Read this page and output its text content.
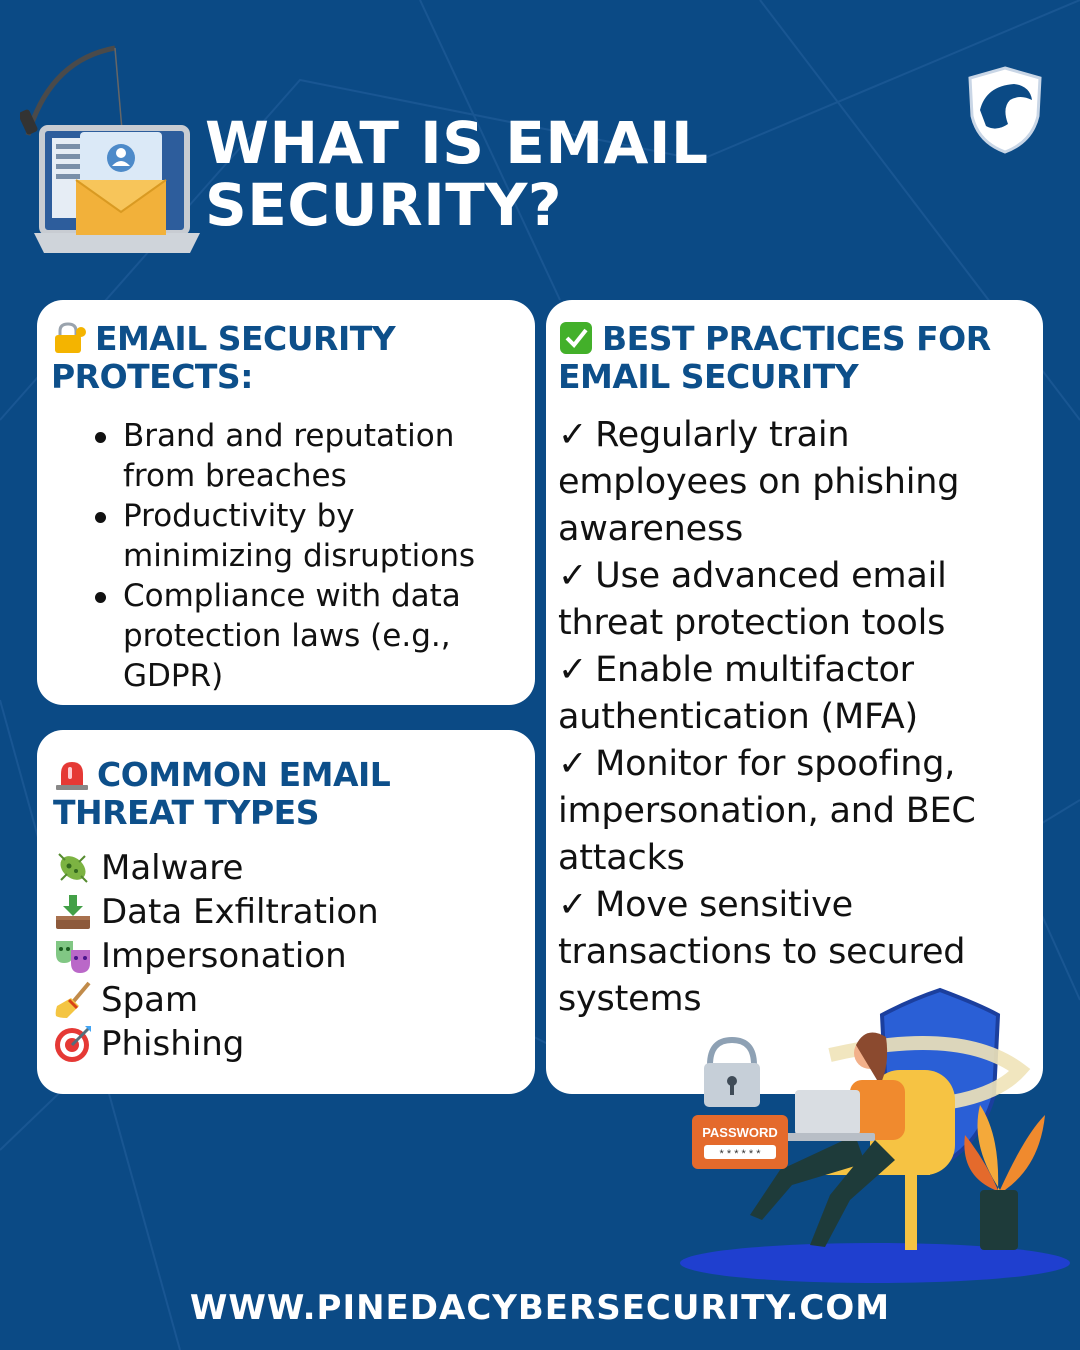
WHAT IS EMAIL
SECURITY?
EMAIL SECURITY
PROTECTS:
Brand and reputation
from breaches
Productivity by
minimizing disruptions
Compliance with data
protection laws (e.g.,
GDPR)
COMMON EMAIL
THREAT TYPES
Malware
Data Exfiltration
Impersonation
Spam
Phishing
BEST PRACTICES FOR
EMAIL SECURITY
✓ Regularly train
employees on phishing
awareness
✓ Use advanced email
threat protection tools
✓ Enable multifactor
authentication (MFA)
✓ Monitor for spoofing,
impersonation, and BEC
attacks
✓ Move sensitive
transactions to secured
systems
PASSWORD
* * * * * *
WWW.PINEDACYBERSECURITY.COM
